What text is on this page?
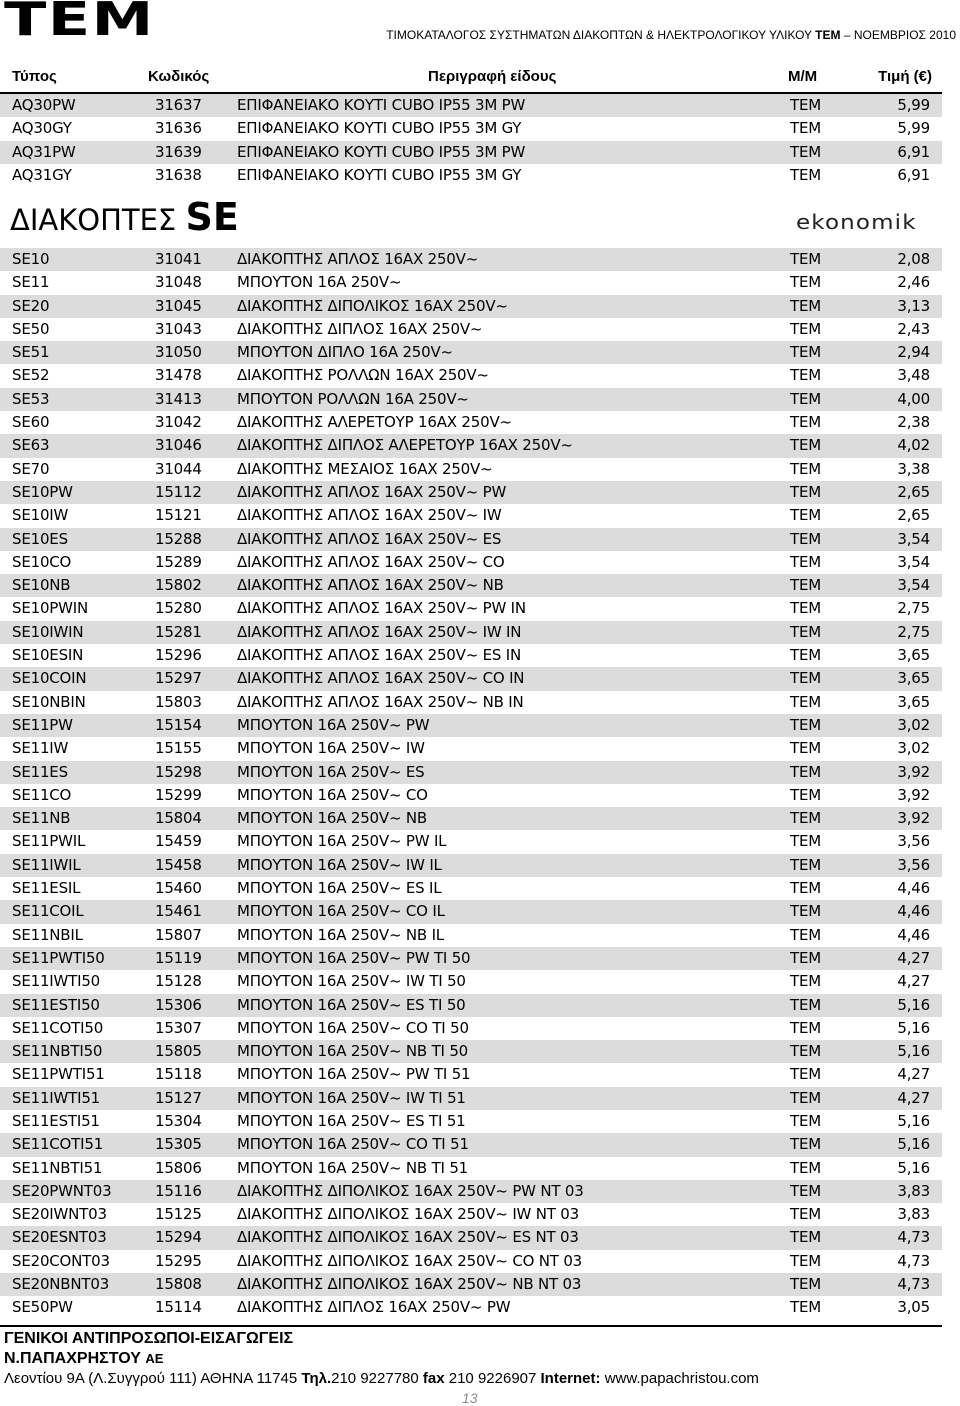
TEM	ΤΙΜΟΚΑΤΑΛΟΓΟΣ ΣΥΣΤΗΜΑΤΩΝ ΔΙΑΚΟΠΤΩΝ & ΗΛΕΚΤΡΟΛΟΓΙΚΟΥ ΥΛΙΚΟΥ TEM – ΝΟΕΜΒΡΙΟΣ 2010
Τύπος	Κωδικός	Περιγραφή είδους	Μ/Μ	Τιμή (€)
AQ30PW	31637 ΕΠΙΦΑΝΕΙΑΚΟ ΚΟΥΤΙ CUBO IP55 3M PW	TEM	5,99
AQ30GY	31636 ΕΠΙΦΑΝΕΙΑΚΟ ΚΟΥΤΙ CUBO IP55 3M GY	TEM	5,99
AQ31PW	31639 ΕΠΙΦΑΝΕΙΑΚΟ ΚΟΥΤΙ CUBO IP55 3M PW	TEM	6,91
AQ31GY	31638 ΕΠΙΦΑΝΕΙΑΚΟ ΚΟΥΤΙ CUBO IP55 3M GY	TEM	6,91
ΔΙΑΚΟΠΤΕΣ SE	ekonomik
SE10	31041 ΔΙΑΚΟΠΤΗΣ ΑΠΛΟΣ 16ΑΧ 250V~	TEM	2,08
SE11	31048 ΜΠΟΥΤΟΝ 16Α 250V~	TEM	2,46
SE20	31045 ΔΙΑΚΟΠΤΗΣ ΔΙΠΟΛΙΚΟΣ 16ΑΧ 250V~	TEM	3,13
SE50	31043 ΔΙΑΚΟΠΤΗΣ ΔΙΠΛΟΣ 16ΑΧ 250V~	TEM	2,43
SE51	31050 ΜΠΟΥΤΟΝ ΔΙΠΛΟ 16Α 250V~	TEM	2,94
SE52	31478 ΔΙΑΚΟΠΤΗΣ ΡΟΛΛΩΝ 16ΑΧ 250V~	TEM	3,48
SE53	31413 ΜΠΟΥΤΟΝ ΡΟΛΛΩΝ 16Α 250V~	TEM	4,00
SE60	31042 ΔΙΑΚΟΠΤΗΣ ΑΛΕΡΕΤΟΥΡ 16ΑΧ 250V~	TEM	2,38
SE63	31046 ΔΙΑΚΟΠΤΗΣ ΔΙΠΛΟΣ ΑΛΕΡΕΤΟΥΡ 16ΑΧ 250V~	TEM	4,02
SE70	31044 ΔΙΑΚΟΠΤΗΣ ΜΕΣΑΙΟΣ 16ΑΧ 250V~	TEM	3,38
SE10PW	15112 ΔΙΑΚΟΠΤΗΣ ΑΠΛΟΣ 16ΑΧ 250V~ PW	TEM	2,65
SE10IW	15121 ΔΙΑΚΟΠΤΗΣ ΑΠΛΟΣ 16ΑΧ 250V~ IW	TEM	2,65
SE10ES	15288 ΔΙΑΚΟΠΤΗΣ ΑΠΛΟΣ 16ΑΧ 250V~ ES	TEM	3,54
SE10CO	15289 ΔΙΑΚΟΠΤΗΣ ΑΠΛΟΣ 16ΑΧ 250V~ CO	TEM	3,54
SE10NB	15802 ΔΙΑΚΟΠΤΗΣ ΑΠΛΟΣ 16ΑΧ 250V~ NB	TEM	3,54
SE10PWIN	15280 ΔΙΑΚΟΠΤΗΣ ΑΠΛΟΣ 16ΑΧ 250V~ PW IN	TEM	2,75
SE10IWIN	15281 ΔΙΑΚΟΠΤΗΣ ΑΠΛΟΣ 16ΑΧ 250V~ IW IN	TEM	2,75
SE10ESIN	15296 ΔΙΑΚΟΠΤΗΣ ΑΠΛΟΣ 16ΑΧ 250V~ ES IN	TEM	3,65
SE10COIN	15297 ΔΙΑΚΟΠΤΗΣ ΑΠΛΟΣ 16ΑΧ 250V~ CO IN	TEM	3,65
SE10NBIN	15803 ΔΙΑΚΟΠΤΗΣ ΑΠΛΟΣ 16ΑΧ 250V~ NB IN	TEM	3,65
SE11PW	15154 ΜΠΟΥΤΟΝ 16Α 250V~ PW	TEM	3,02
SE11IW	15155 ΜΠΟΥΤΟΝ 16Α 250V~ IW	TEM	3,02
SE11ES	15298 ΜΠΟΥΤΟΝ 16Α 250V~ ES	TEM	3,92
SE11CO	15299 ΜΠΟΥΤΟΝ 16Α 250V~ CO	TEM	3,92
SE11NB	15804 ΜΠΟΥΤΟΝ 16Α 250V~ NB	TEM	3,92
SE11PWIL	15459 ΜΠΟΥΤΟΝ 16Α 250V~ PW IL	TEM	3,56
SE11IWIL	15458 ΜΠΟΥΤΟΝ 16Α 250V~ IW IL	TEM	3,56
SE11ESIL	15460 ΜΠΟΥΤΟΝ 16Α 250V~ ES IL	TEM	4,46
SE11COIL	15461 ΜΠΟΥΤΟΝ 16Α 250V~ CO IL	TEM	4,46
SE11NBIL	15807 ΜΠΟΥΤΟΝ 16Α 250V~ NB IL	TEM	4,46
SE11PWTI50	15119 ΜΠΟΥΤΟΝ 16Α 250V~ PW TI 50	TEM	4,27
SE11IWTI50	15128 ΜΠΟΥΤΟΝ 16Α 250V~ IW TI 50	TEM	4,27
SE11ESTI50	15306 ΜΠΟΥΤΟΝ 16Α 250V~ ES TI 50	TEM	5,16
SE11COTI50	15307 ΜΠΟΥΤΟΝ 16Α 250V~ CO TI 50	TEM	5,16
SE11NBTI50	15805 ΜΠΟΥΤΟΝ 16Α 250V~ NB TI 50	TEM	5,16
SE11PWTI51	15118 ΜΠΟΥΤΟΝ 16Α 250V~ PW TI 51	TEM	4,27
SE11IWTI51	15127 ΜΠΟΥΤΟΝ 16Α 250V~ IW TI 51	TEM	4,27
SE11ESTI51	15304 ΜΠΟΥΤΟΝ 16Α 250V~ ES TI 51	TEM	5,16
SE11COTI51	15305 ΜΠΟΥΤΟΝ 16Α 250V~ CO TI 51	TEM	5,16
SE11NBTI51	15806 ΜΠΟΥΤΟΝ 16Α 250V~ NB TI 51	TEM	5,16
SE20PWNT03	15116 ΔΙΑΚΟΠΤΗΣ ΔΙΠΟΛΙΚΟΣ 16ΑΧ 250V~ PW NT 03	TEM	3,83
SE20IWNT03	15125 ΔΙΑΚΟΠΤΗΣ ΔΙΠΟΛΙΚΟΣ 16ΑΧ 250V~ IW NT 03	TEM	3,83
SE20ESNT03	15294 ΔΙΑΚΟΠΤΗΣ ΔΙΠΟΛΙΚΟΣ 16ΑΧ 250V~ ES NT 03	TEM	4,73
SE20CONT03	15295 ΔΙΑΚΟΠΤΗΣ ΔΙΠΟΛΙΚΟΣ 16ΑΧ 250V~ CO NT 03	TEM	4,73
SE20NBNT03	15808 ΔΙΑΚΟΠΤΗΣ ΔΙΠΟΛΙΚΟΣ 16ΑΧ 250V~ NB NT 03	TEM	4,73
SE50PW	15114 ΔΙΑΚΟΠΤΗΣ ΔΙΠΛΟΣ 16ΑΧ 250V~ PW	TEM	3,05
ΓΕΝΙΚΟΙ ΑΝΤΙΠΡΟΣΩΠΟΙ-ΕΙΣΑΓΩΓΕΙΣ
Ν.ΠΑΠΑΧΡΗΣΤΟΥ ΑΕ
Λεοντίου 9Α (Λ.Συγγρού 111) ΑΘΗΝΑ 11745 Τηλ.210 9227780 fax 210 9226907 Internet: www.papachristou.com
13
